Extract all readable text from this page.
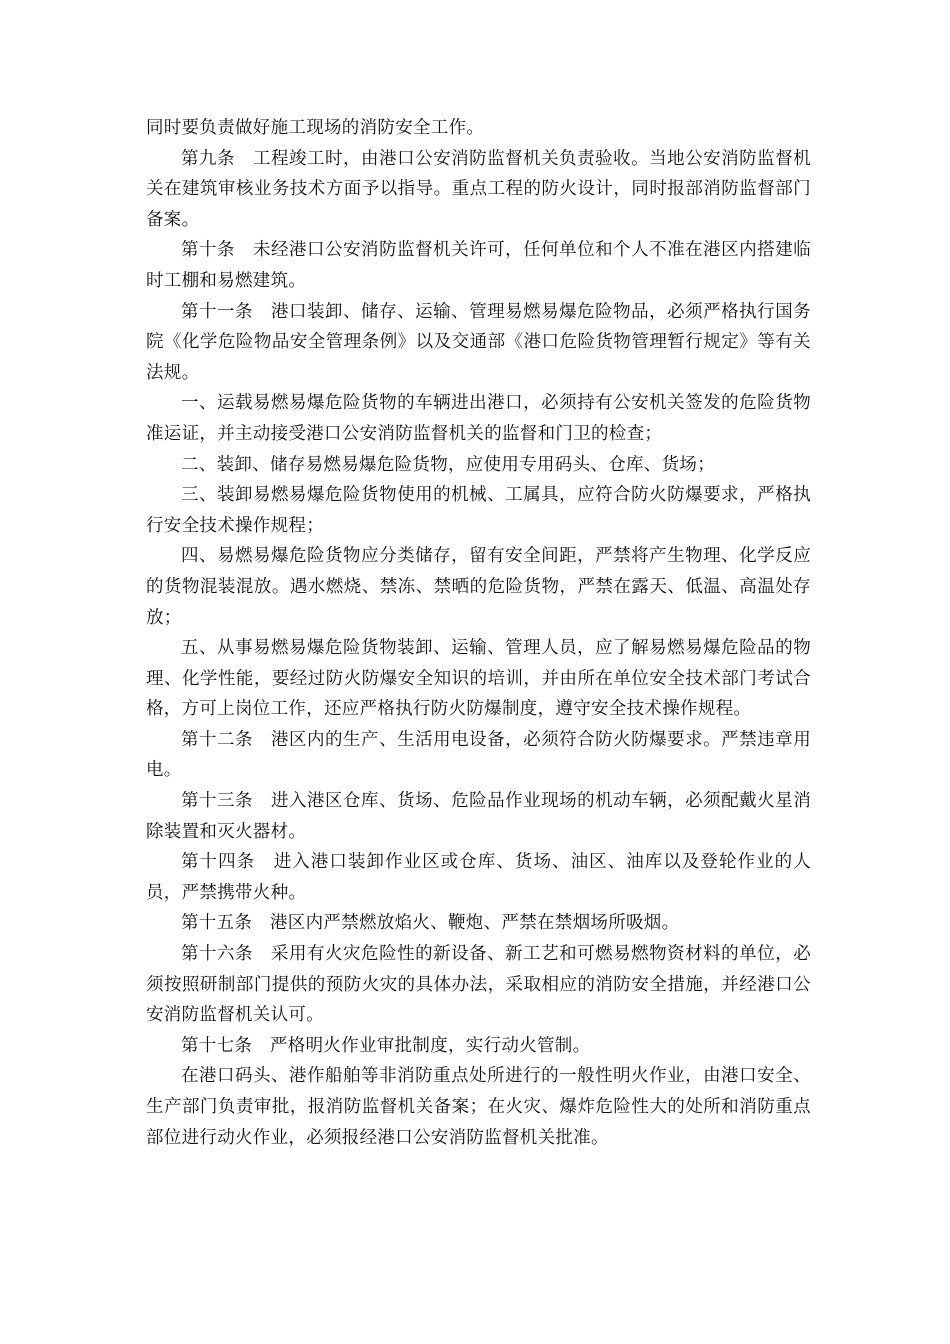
同时要负责做好施工现场的消防安全工作。

第九条　工程竣工时，由港口公安消防监督机关负责验收。当地公安消防监督机关在建筑审核业务技术方面予以指导。重点工程的防火设计，同时报部消防监督部门备案。

第十条　未经港口公安消防监督机关许可，任何单位和个人不准在港区内搭建临时工棚和易燃建筑。

第十一条　港口装卸、储存、运输、管理易燃易爆危险物品，必须严格执行国务院《化学危险物品安全管理条例》以及交通部《港口危险货物管理暂行规定》等有关法规。

一、运载易燃易爆危险货物的车辆进出港口，必须持有公安机关签发的危险货物准运证，并主动接受港口公安消防监督机关的监督和门卫的检查；

二、装卸、储存易燃易爆危险货物，应使用专用码头、仓库、货场；

三、装卸易燃易爆危险货物使用的机械、工属具，应符合防火防爆要求，严格执行安全技术操作规程；

四、易燃易爆危险货物应分类储存，留有安全间距，严禁将产生物理、化学反应的货物混装混放。遇水燃烧、禁冻、禁晒的危险货物，严禁在露天、低温、高温处存放；

五、从事易燃易爆危险货物装卸、运输、管理人员，应了解易燃易爆危险品的物理、化学性能，要经过防火防爆安全知识的培训，并由所在单位安全技术部门考试合格，方可上岗位工作，还应严格执行防火防爆制度，遵守安全技术操作规程。

第十二条　港区内的生产、生活用电设备，必须符合防火防爆要求。严禁违章用电。

第十三条　进入港区仓库、货场、危险品作业现场的机动车辆，必须配戴火星消除装置和灭火器材。

第十四条　进入港口装卸作业区或仓库、货场、油区、油库以及登轮作业的人员，严禁携带火种。

第十五条　港区内严禁燃放焰火、鞭炮、严禁在禁烟场所吸烟。

第十六条　采用有火灾危险性的新设备、新工艺和可燃易燃物资材料的单位，必须按照研制部门提供的预防火灾的具体办法，采取相应的消防安全措施，并经港口公安消防监督机关认可。

第十七条　严格明火作业审批制度，实行动火管制。

在港口码头、港作船舶等非消防重点处所进行的一般性明火作业，由港口安全、生产部门负责审批，报消防监督机关备案；在火灾、爆炸危险性大的处所和消防重点部位进行动火作业，必须报经港口公安消防监督机关批准。
